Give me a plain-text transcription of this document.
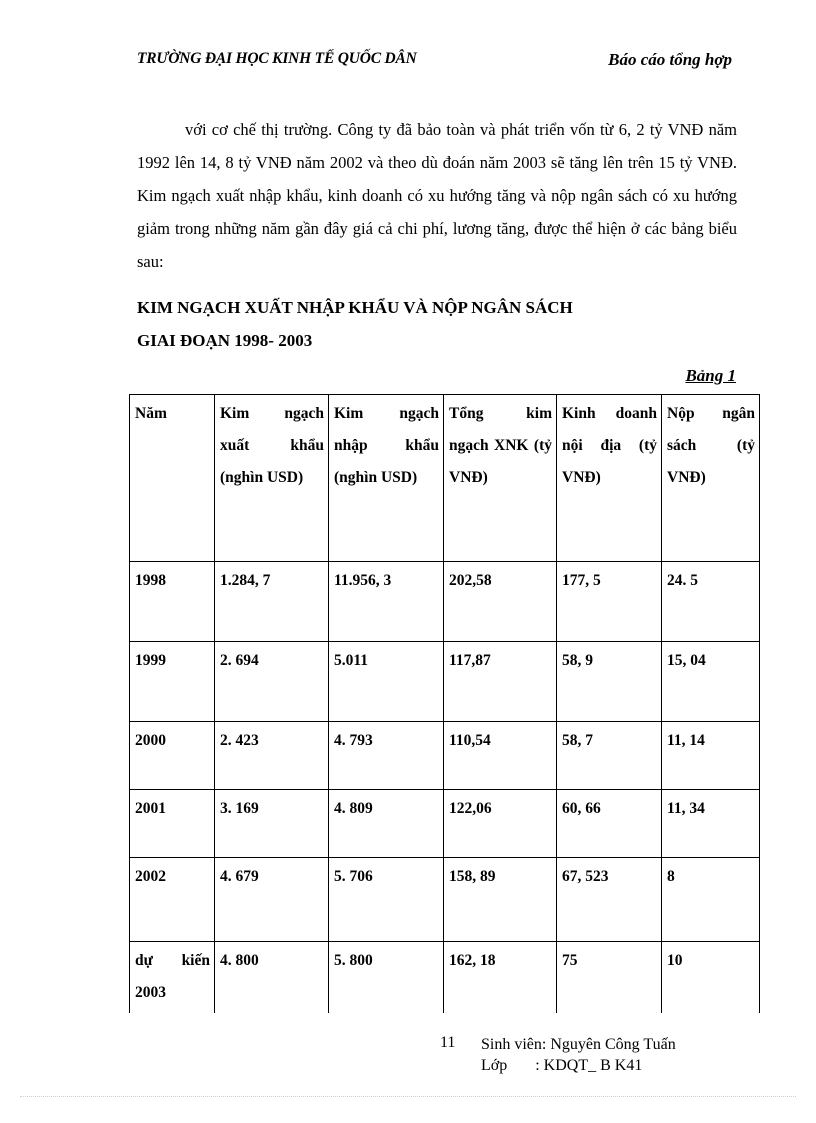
TRƯỜNG ĐẠI HỌC KINH TẾ QUỐC DÂN	Báo cáo tổng hợp

với cơ chế thị trường. Công ty đã bảo toàn và phát triển vốn từ 6, 2 tỷ VNĐ năm 1992 lên 14, 8 tỷ VNĐ năm 2002 và theo dù đoán năm 2003 sẽ tăng lên trên 15 tỷ VNĐ. Kim ngạch xuất nhập khẩu, kinh doanh có xu hướng tăng và nộp ngân sách có xu hướng giảm trong những năm gần đây giá cả chi phí, lương tăng, được thể hiện ở các bảng biểu sau:

KIM NGẠCH XUẤT NHẬP KHẨU VÀ NỘP NGÂN SÁCH
GIAI ĐOẠN 1998- 2003
Bảng 1
Năm	Kim ngạch xuất khẩu (nghìn USD)	Kim ngạch nhập khẩu (nghìn USD)	Tổng kim ngạch XNK (tỷ VNĐ)	Kinh doanh nội địa (tỷ VNĐ)	Nộp ngân sách (tỷ VNĐ)
1998	1.284, 7	11.956, 3	202,58	177, 5	24. 5
1999	2. 694	5.011	117,87	58, 9	15, 04
2000	2. 423	4. 793	110,54	58, 7	11, 14
2001	3. 169	4. 809	122,06	60, 66	11, 34
2002	4. 679	5. 706	158, 89	67, 523	8
dự kiến 2003	4. 800	5. 800	162, 18	75	10
11 Sinh viên: Nguyên Công Tuấn
Lớp       : KDQT_ B K41
